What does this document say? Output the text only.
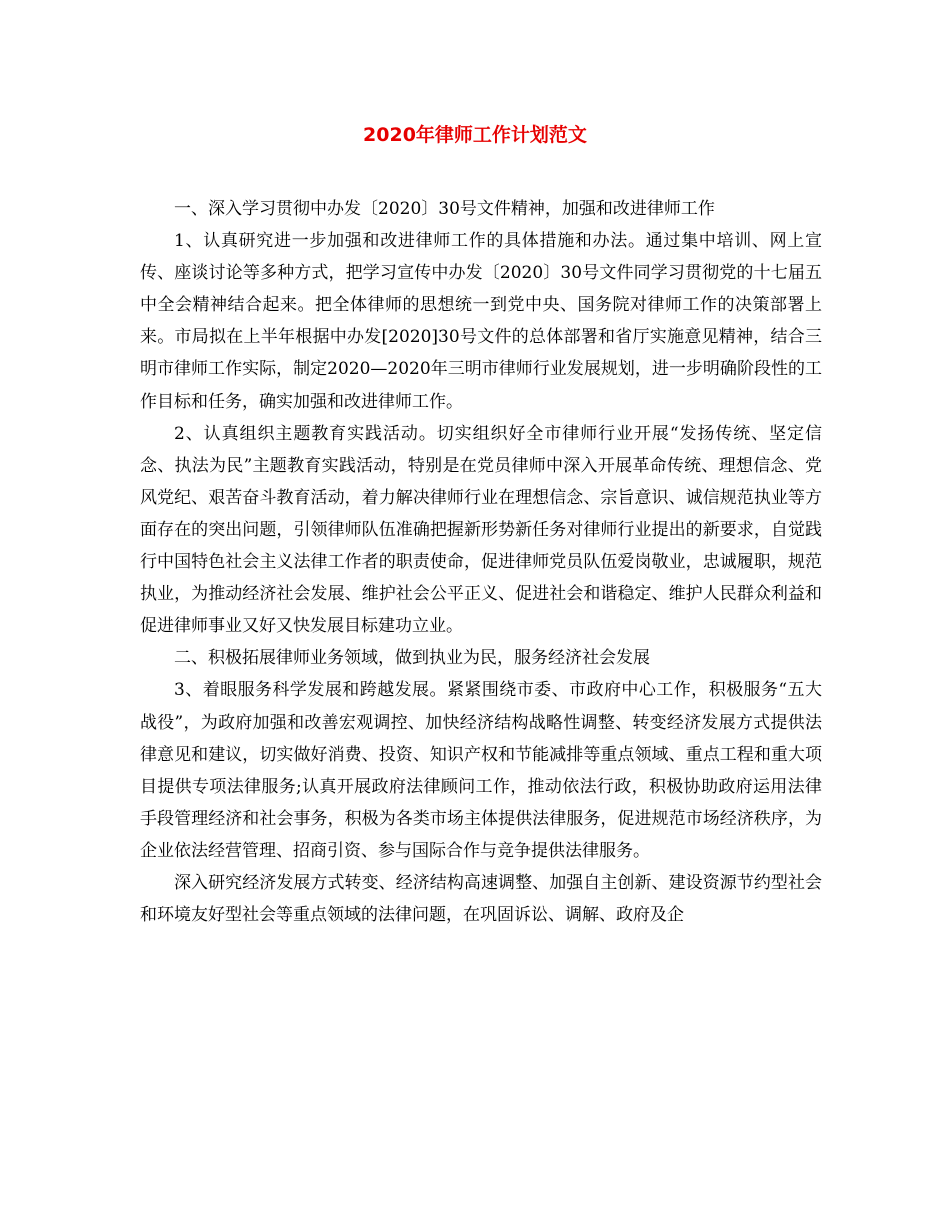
2020年律师工作计划范文

一、深入学习贯彻中办发〔2020〕30号文件精神，加强和改进律师工作

1、认真研究进一步加强和改进律师工作的具体措施和办法。通过集中培训、网上宣传、座谈讨论等多种方式，把学习宣传中办发〔2020〕30号文件同学习贯彻党的十七届五中全会精神结合起来。把全体律师的思想统一到党中央、国务院对律师工作的决策部署上来。市局拟在上半年根据中办发[2020]30号文件的总体部署和省厅实施意见精神，结合三明市律师工作实际，制定2020—2020年三明市律师行业发展规划，进一步明确阶段性的工作目标和任务，确实加强和改进律师工作。

2、认真组织主题教育实践活动。切实组织好全市律师行业开展“发扬传统、坚定信念、执法为民”主题教育实践活动，特别是在党员律师中深入开展革命传统、理想信念、党风党纪、艰苦奋斗教育活动，着力解决律师行业在理想信念、宗旨意识、诚信规范执业等方面存在的突出问题，引领律师队伍准确把握新形势新任务对律师行业提出的新要求，自觉践行中国特色社会主义法律工作者的职责使命，促进律师党员队伍爱岗敬业，忠诚履职，规范执业，为推动经济社会发展、维护社会公平正义、促进社会和谐稳定、维护人民群众利益和促进律师事业又好又快发展目标建功立业。

二、积极拓展律师业务领域，做到执业为民，服务经济社会发展

3、着眼服务科学发展和跨越发展。紧紧围绕市委、市政府中心工作，积极服务“五大战役”，为政府加强和改善宏观调控、加快经济结构战略性调整、转变经济发展方式提供法律意见和建议，切实做好消费、投资、知识产权和节能减排等重点领域、重点工程和重大项目提供专项法律服务;认真开展政府法律顾问工作，推动依法行政，积极协助政府运用法律手段管理经济和社会事务，积极为各类市场主体提供法律服务，促进规范市场经济秩序，为企业依法经营管理、招商引资、参与国际合作与竞争提供法律服务。

深入研究经济发展方式转变、经济结构高速调整、加强自主创新、建设资源节约型社会和环境友好型社会等重点领域的法律问题，在巩固诉讼、调解、政府及企
